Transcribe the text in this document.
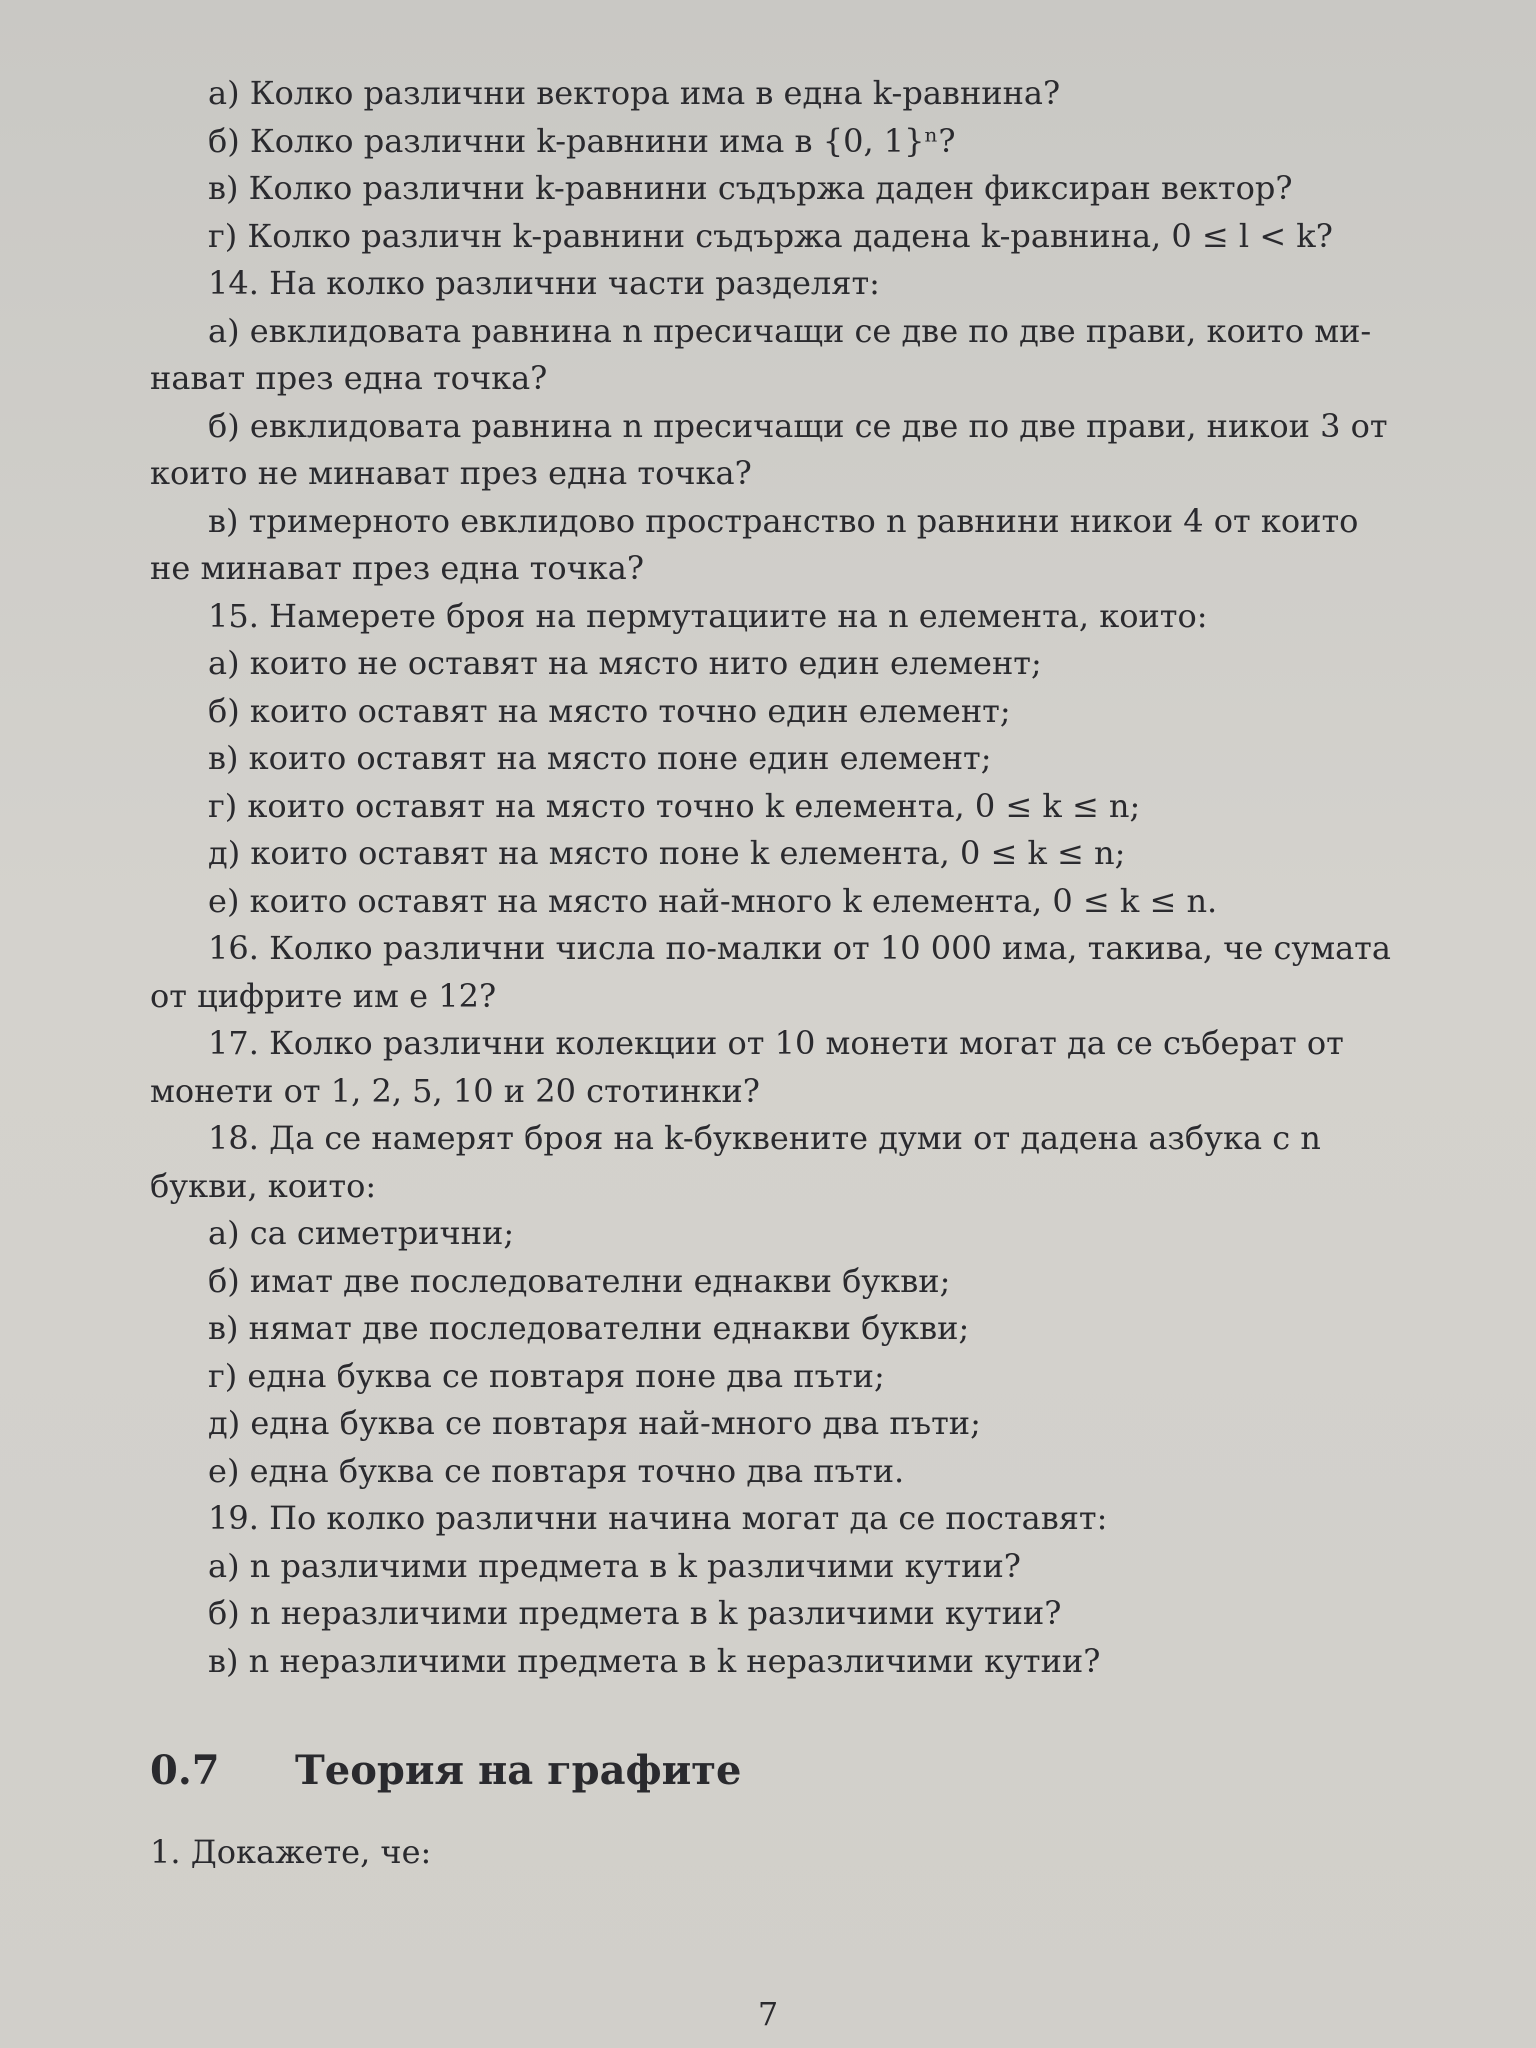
а) Колко различни вектора има в една k-равнина?
б) Колко различни k-равнини има в {0, 1}ⁿ?
в) Колко различни k-равнини съдържа даден фиксиран вектор?
г) Колко различн k-равнини съдържа дадена k-равнина, 0 ≤ l < k?
14. На колко различни части разделят:
а) евклидовата равнина n пресичащи се две по две прави, които ми-
нават през една точка?
б) евклидовата равнина n пресичащи се две по две прави, никои 3 от
които не минават през една точка?
в) тримерното евклидово пространство n равнини никои 4 от които
не минават през една точка?
15. Намерете броя на пермутациите на n елемента, които:
а) които не оставят на място нито един елемент;
б) които оставят на място точно един елемент;
в) които оставят на място поне един елемент;
г) които оставят на място точно k елемента, 0 ≤ k ≤ n;
д) които оставят на място поне k елемента, 0 ≤ k ≤ n;
е) които оставят на място най-много k елемента, 0 ≤ k ≤ n.
16. Колко различни числа по-малки от 10 000 има, такива, че сумата
от цифрите им е 12?
17. Колко различни колекции от 10 монети могат да се съберат от
монети от 1, 2, 5, 10 и 20 стотинки?
18. Да се намерят броя на k-буквените думи от дадена азбука с n
букви, които:
а) са симетрични;
б) имат две последователни еднакви букви;
в) нямат две последователни еднакви букви;
г) една буква се повтаря поне два пъти;
д) една буква се повтаря най-много два пъти;
е) една буква се повтаря точно два пъти.
19. По колко различни начина могат да се поставят:
а) n различими предмета в k различими кутии?
б) n неразличими предмета в k различими кутии?
в) n неразличими предмета в k неразличими кутии?
0.7 Теория на графите
1. Докажете, че:
7
